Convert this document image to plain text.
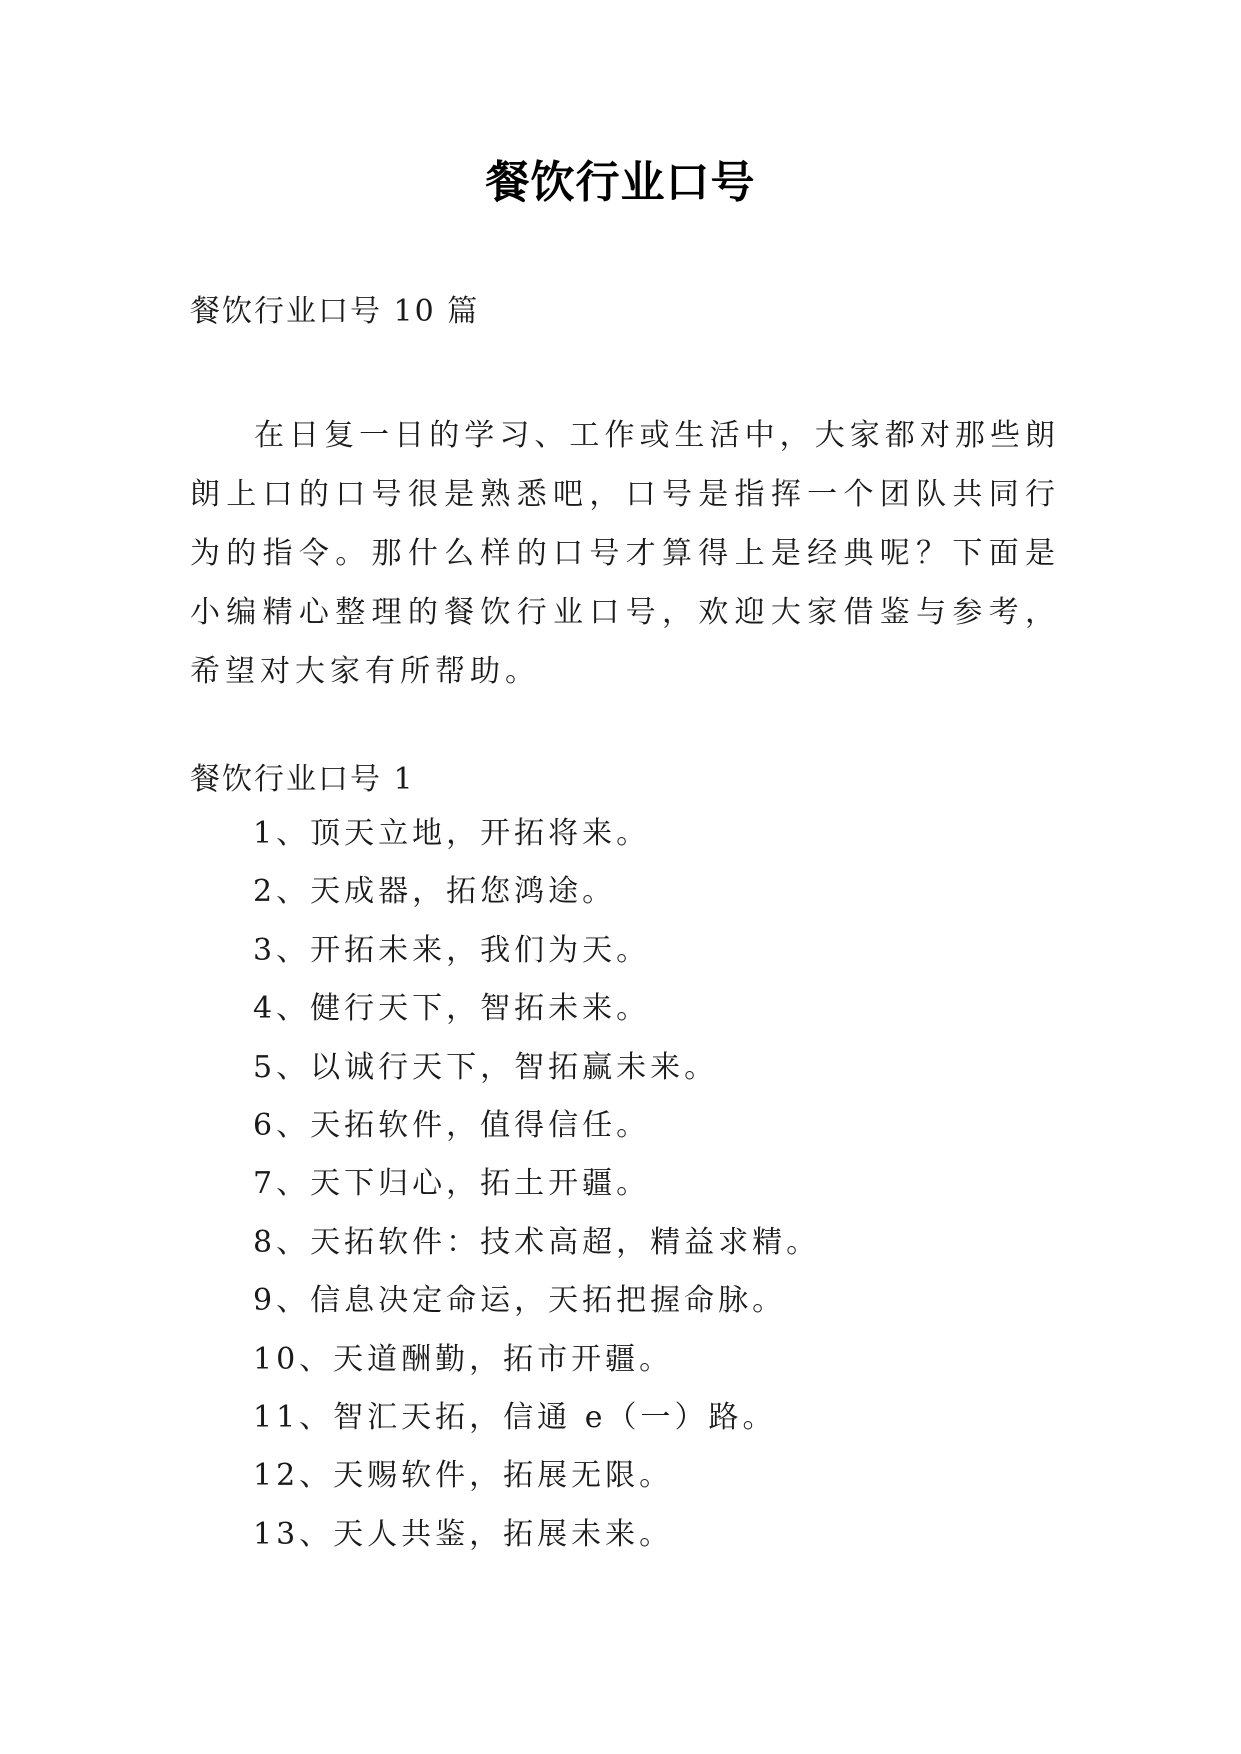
餐饮行业口号
餐饮行业口号 10 篇

在日复一日的学习、工作或生活中，大家都对那些朗朗上口的口号很是熟悉吧，口号是指挥一个团队共同行为的指令。那什么样的口号才算得上是经典呢？下面是小编精心整理的餐饮行业口号，欢迎大家借鉴与参考，希望对大家有所帮助。

餐饮行业口号 1
1、顶天立地，开拓将来。
2、天成器，拓您鸿途。
3、开拓未来，我们为天。
4、健行天下，智拓未来。
5、以诚行天下，智拓赢未来。
6、天拓软件，值得信任。
7、天下归心，拓土开疆。
8、天拓软件：技术高超，精益求精。
9、信息决定命运，天拓把握命脉。
10、天道酬勤，拓市开疆。
11、智汇天拓，信通 e（一）路。
12、天赐软件，拓展无限。
13、天人共鉴，拓展未来。
